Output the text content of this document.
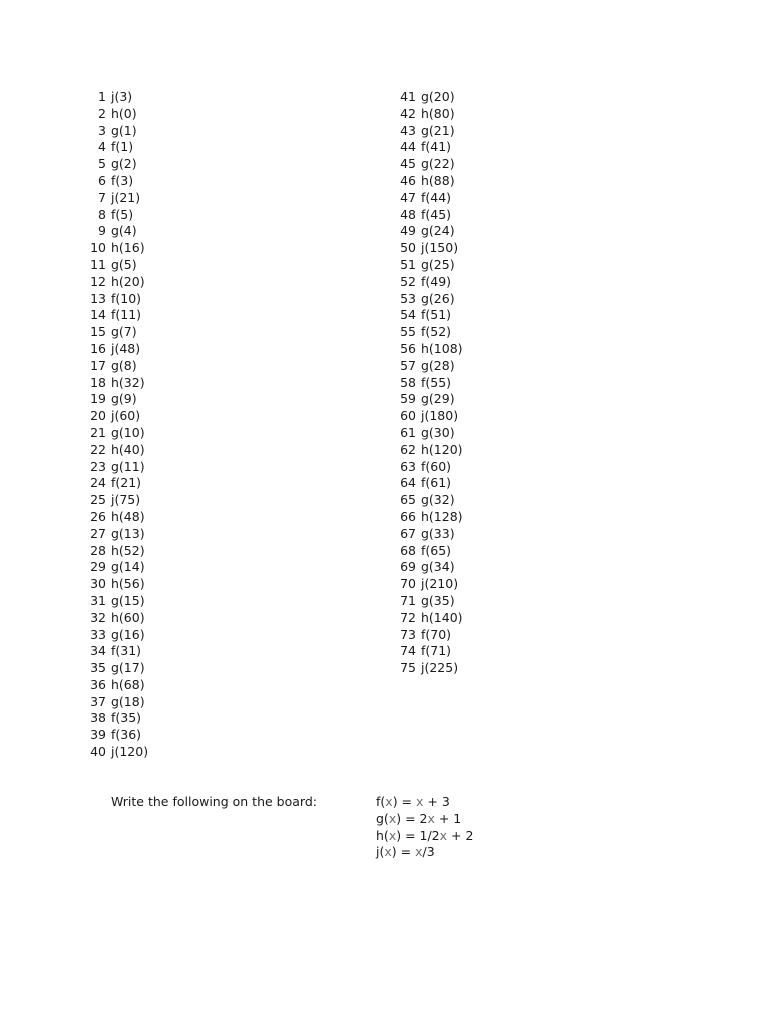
1 j(3)
2 h(0)
3 g(1)
4 f(1)
5 g(2)
6 f(3)
7 j(21)
8 f(5)
9 g(4)
10 h(16)
11 g(5)
12 h(20)
13 f(10)
14 f(11)
15 g(7)
16 j(48)
17 g(8)
18 h(32)
19 g(9)
20 j(60)
21 g(10)
22 h(40)
23 g(11)
24 f(21)
25 j(75)
26 h(48)
27 g(13)
28 h(52)
29 g(14)
30 h(56)
31 g(15)
32 h(60)
33 g(16)
34 f(31)
35 g(17)
36 h(68)
37 g(18)
38 f(35)
39 f(36)
40 j(120)
41 g(20)
42 h(80)
43 g(21)
44 f(41)
45 g(22)
46 h(88)
47 f(44)
48 f(45)
49 g(24)
50 j(150)
51 g(25)
52 f(49)
53 g(26)
54 f(51)
55 f(52)
56 h(108)
57 g(28)
58 f(55)
59 g(29)
60 j(180)
61 g(30)
62 h(120)
63 f(60)
64 f(61)
65 g(32)
66 h(128)
67 g(33)
68 f(65)
69 g(34)
70 j(210)
71 g(35)
72 h(140)
73 f(70)
74 f(71)
75 j(225)
Write the following on the board:	f(x) = x + 3
g(x) = 2x + 1
h(x) = 1/2x + 2
j(x) = x/3
